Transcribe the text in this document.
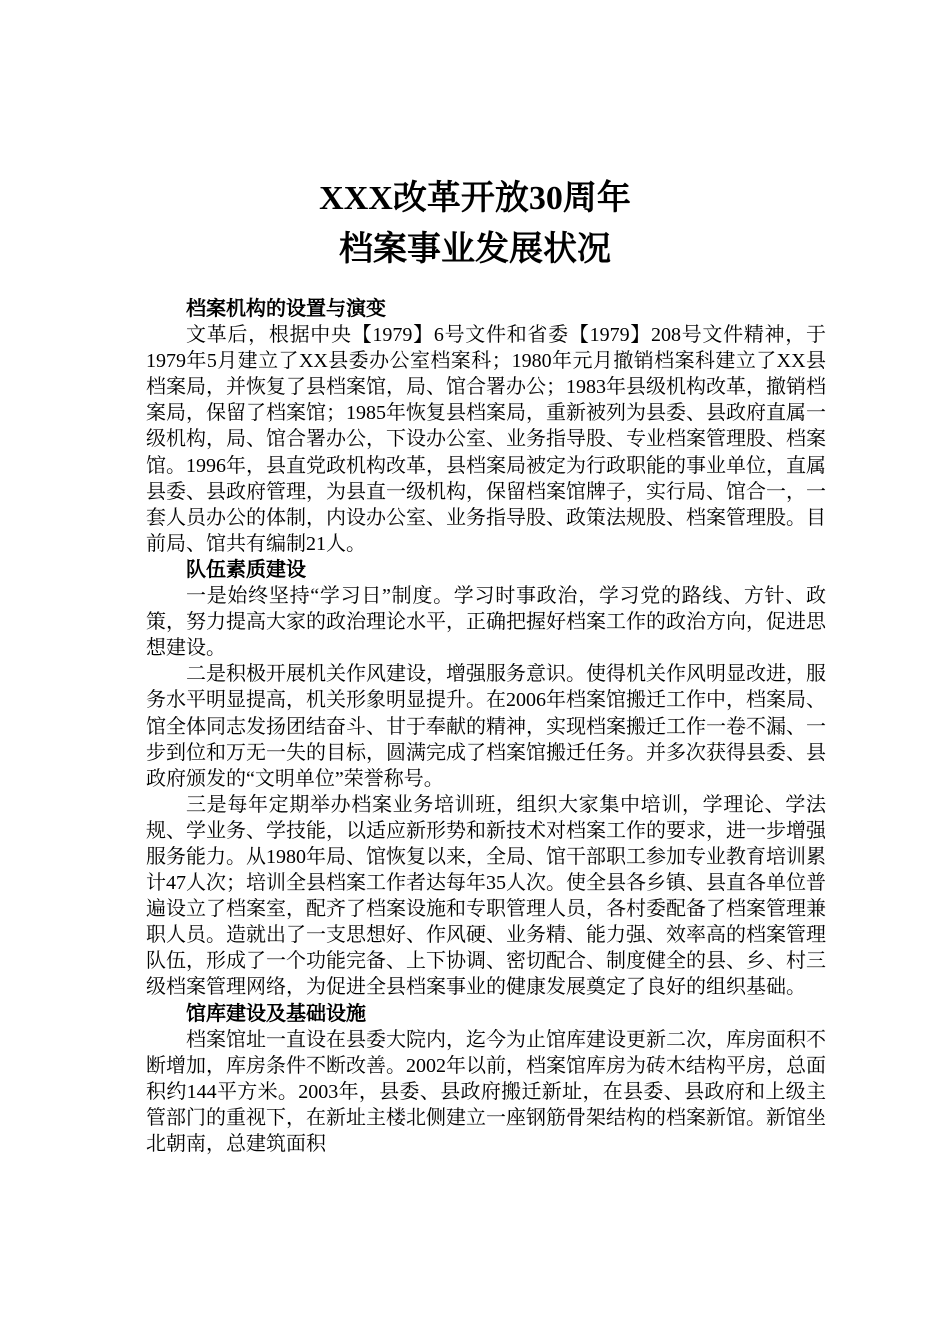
XXX改革开放30周年
档案事业发展状况

档案机构的设置与演变

文革后，根据中央【1979】6号文件和省委【1979】208号文件精神，于1979年5月建立了XX县委办公室档案科；1980年元月撤销档案科建立了XX县档案局，并恢复了县档案馆，局、馆合署办公；1983年县级机构改革，撤销档案局，保留了档案馆；1985年恢复县档案局，重新被列为县委、县政府直属一级机构，局、馆合署办公，下设办公室、业务指导股、专业档案管理股、档案馆。1996年，县直党政机构改革，县档案局被定为行政职能的事业单位，直属县委、县政府管理，为县直一级机构，保留档案馆牌子，实行局、馆合一，一套人员办公的体制，内设办公室、业务指导股、政策法规股、档案管理股。目前局、馆共有编制21人。

队伍素质建设

一是始终坚持“学习日”制度。学习时事政治，学习党的路线、方针、政策，努力提高大家的政治理论水平，正确把握好档案工作的政治方向，促进思想建设。

二是积极开展机关作风建设，增强服务意识。使得机关作风明显改进，服务水平明显提高，机关形象明显提升。在2006年档案馆搬迁工作中，档案局、馆全体同志发扬团结奋斗、甘于奉献的精神，实现档案搬迁工作一卷不漏、一步到位和万无一失的目标，圆满完成了档案馆搬迁任务。并多次获得县委、县政府颁发的“文明单位”荣誉称号。

三是每年定期举办档案业务培训班，组织大家集中培训，学理论、学法规、学业务、学技能，以适应新形势和新技术对档案工作的要求，进一步增强服务能力。从1980年局、馆恢复以来，全局、馆干部职工参加专业教育培训累计47人次；培训全县档案工作者达每年35人次。使全县各乡镇、县直各单位普遍设立了档案室，配齐了档案设施和专职管理人员，各村委配备了档案管理兼职人员。造就出了一支思想好、作风硬、业务精、能力强、效率高的档案管理队伍，形成了一个功能完备、上下协调、密切配合、制度健全的县、乡、村三级档案管理网络，为促进全县档案事业的健康发展奠定了良好的组织基础。

馆库建设及基础设施

档案馆址一直设在县委大院内，迄今为止馆库建设更新二次，库房面积不断增加，库房条件不断改善。2002年以前，档案馆库房为砖木结构平房，总面积约144平方米。2003年，县委、县政府搬迁新址，在县委、县政府和上级主管部门的重视下，在新址主楼北侧建立一座钢筋骨架结构的档案新馆。新馆坐北朝南，总建筑面积
